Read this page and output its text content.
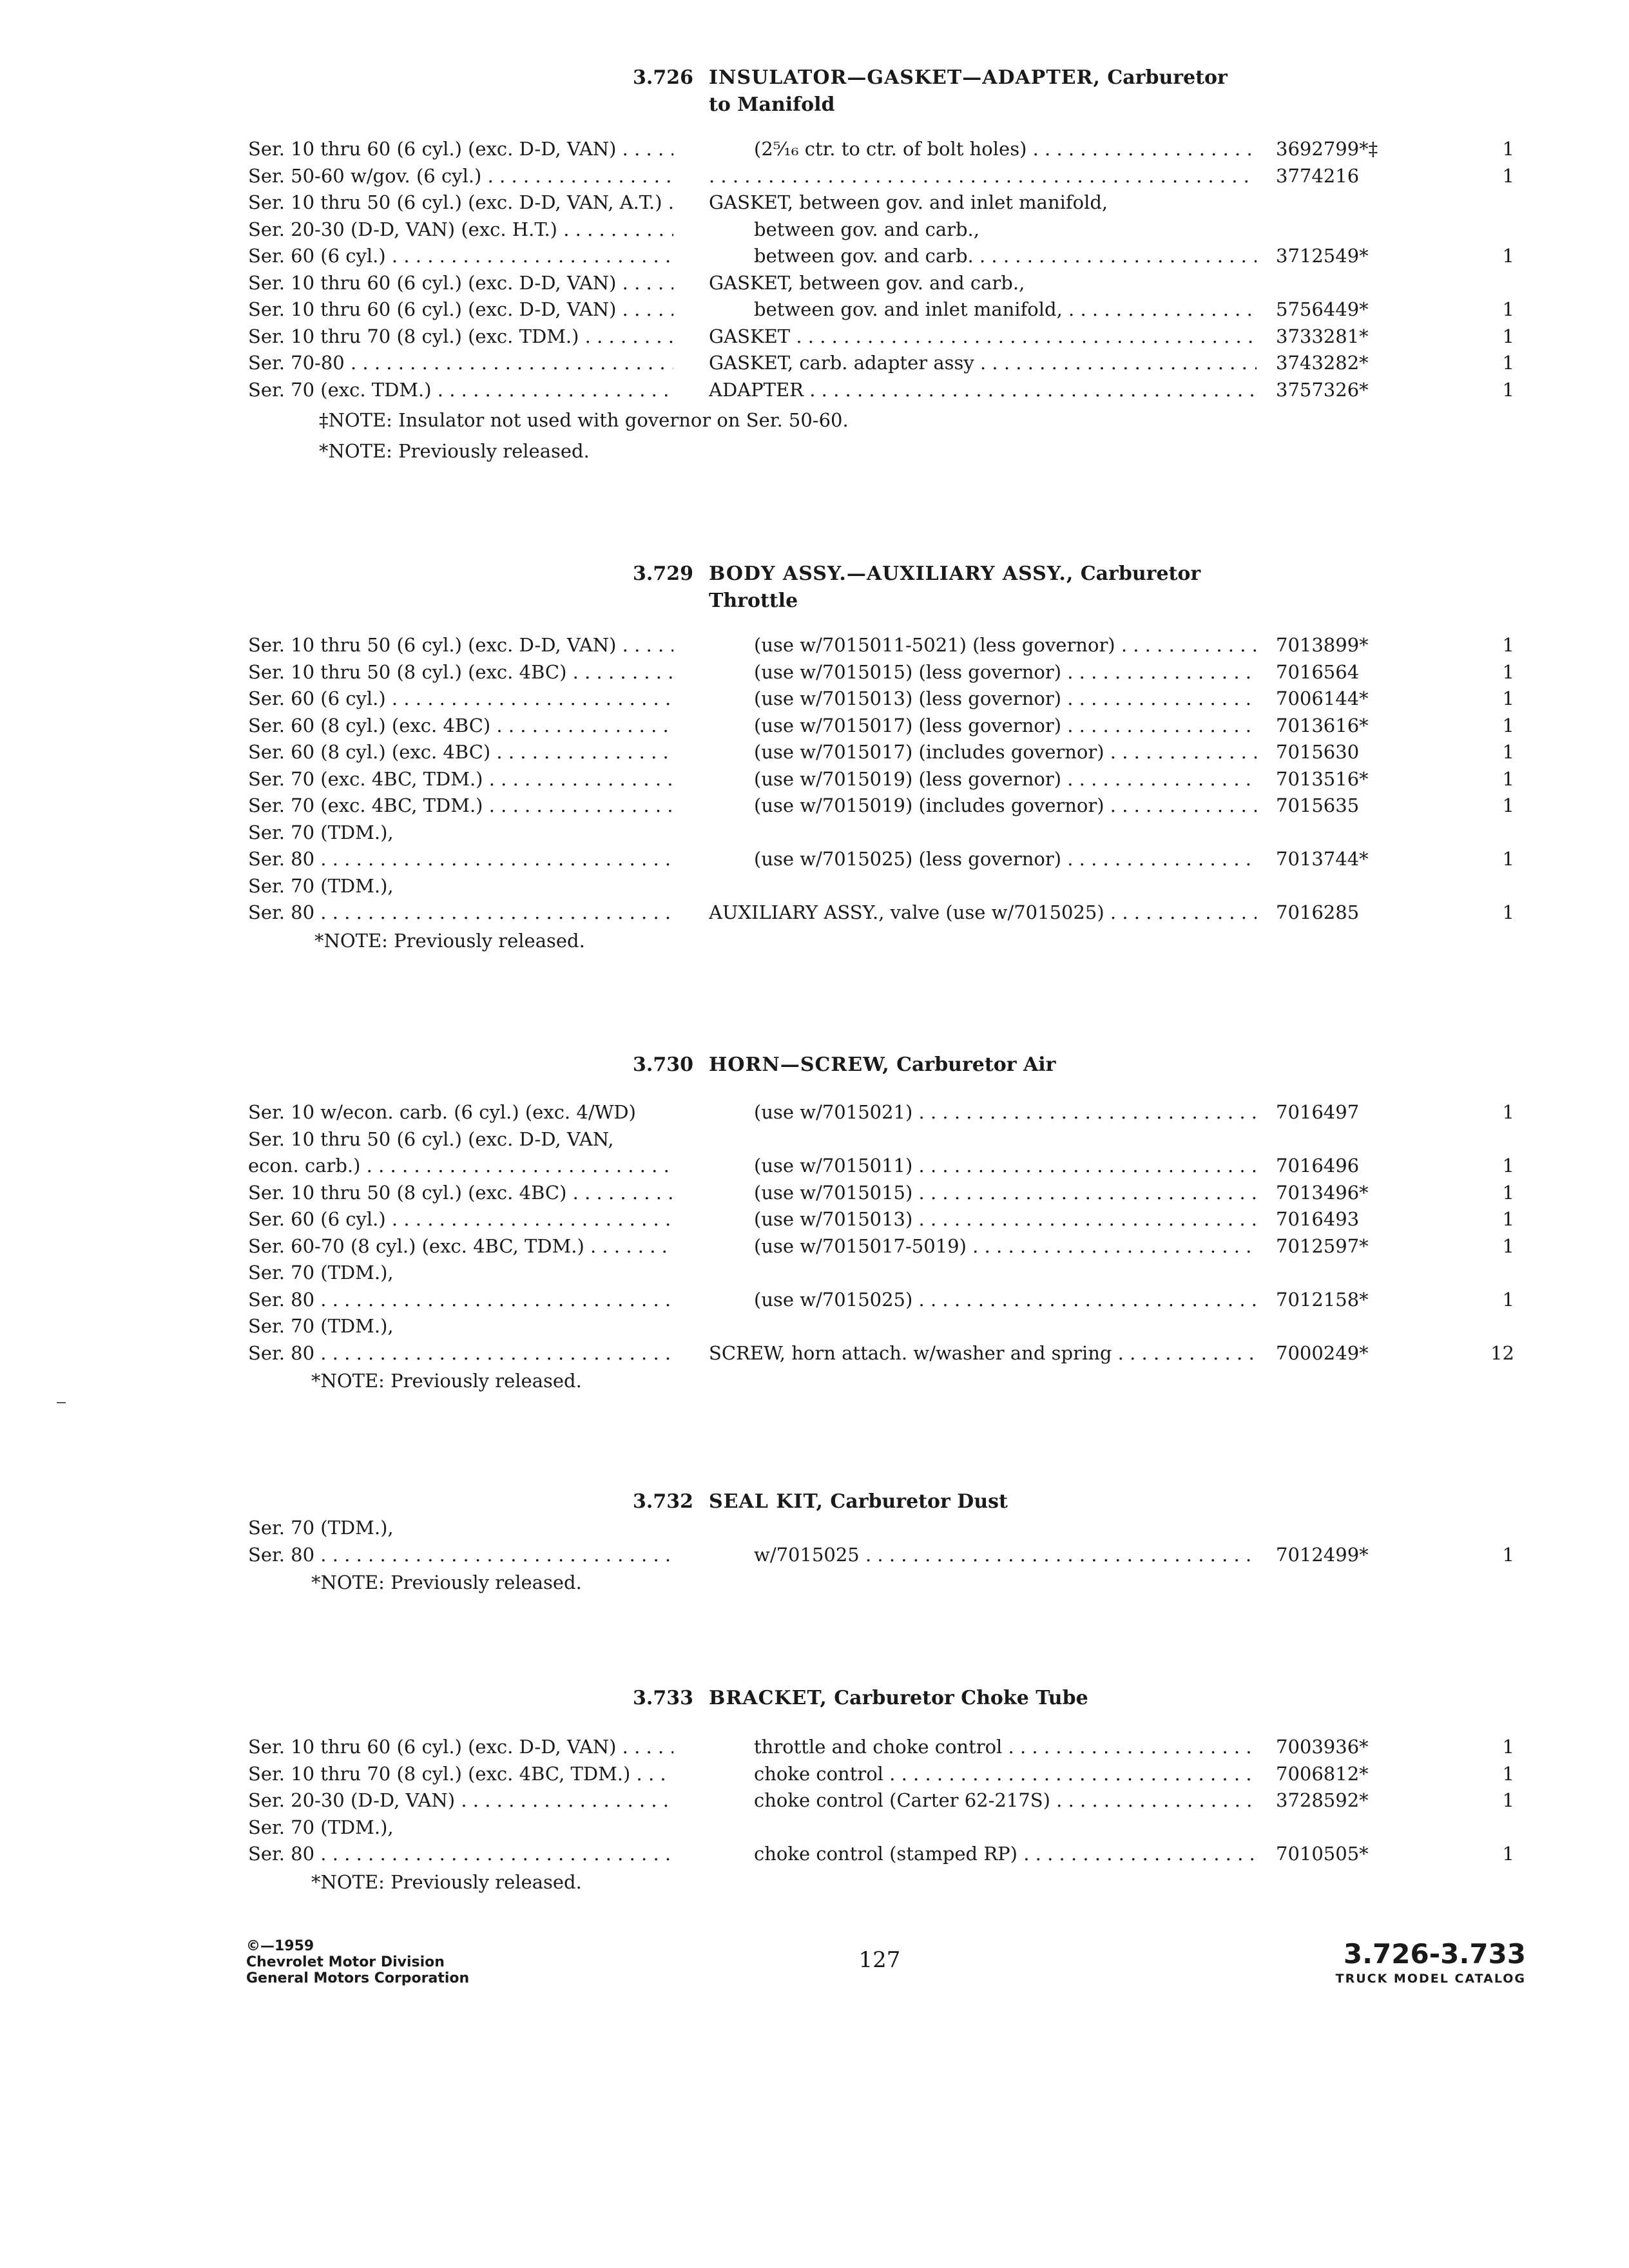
3.726 INSULATOR—GASKET—ADAPTER, Carburetor
to Manifold
Ser. 10 thru 60 (6 cyl.) (exc. D-D, VAN) . . .	(2⁵⁄₁₆ ctr. to ctr. of bolt holes) . . .	3692799*‡	1
Ser. 50-60 w/gov. (6 cyl.) . . .
. . .	3774216	1
Ser. 10 thru 50 (6 cyl.) (exc. D-D, VAN, A.T.) . . .	GASKET, between gov. and inlet manifold,
Ser. 20-30 (D-D, VAN) (exc. H.T.) . . .	between gov. and carb.,
Ser. 60 (6 cyl.) . . .	between gov. and carb. . . .	3712549*	1
Ser. 10 thru 60 (6 cyl.) (exc. D-D, VAN) . . .	GASKET, between gov. and carb.,
Ser. 10 thru 60 (6 cyl.) (exc. D-D, VAN) . . .	between gov. and inlet manifold, . . .	5756449*	1
Ser. 10 thru 70 (8 cyl.) (exc. TDM.) . . .	GASKET . . .	3733281*	1
Ser. 70-80 . . .	GASKET, carb. adapter assy . . .	3743282*	1
Ser. 70 (exc. TDM.) . . .	ADAPTER . . .	3757326*	1
‡NOTE: Insulator not used with governor on Ser. 50-60.
*NOTE: Previously released.
3.729 BODY ASSY.—AUXILIARY ASSY., Carburetor
Throttle
Ser. 10 thru 50 (6 cyl.) (exc. D-D, VAN) . . .	(use w/7015011-5021) (less governor) . . .	7013899*	1
Ser. 10 thru 50 (8 cyl.) (exc. 4BC) . . .	(use w/7015015) (less governor) . . .	7016564	1
Ser. 60 (6 cyl.) . . .	(use w/7015013) (less governor) . . .	7006144*	1
Ser. 60 (8 cyl.) (exc. 4BC) . . .	(use w/7015017) (less governor) . . .	7013616*	1
Ser. 60 (8 cyl.) (exc. 4BC) . . .	(use w/7015017) (includes governor) . . .	7015630	1
Ser. 70 (exc. 4BC, TDM.) . . .	(use w/7015019) (less governor) . . .	7013516*	1
Ser. 70 (exc. 4BC, TDM.) . . .	(use w/7015019) (includes governor) . . .	7015635	1
Ser. 70 (TDM.),
Ser. 80 . . .	(use w/7015025) (less governor) . . .	7013744*	1
Ser. 70 (TDM.),
Ser. 80 . . .	AUXILIARY ASSY., valve (use w/7015025) . . .	7016285	1
*NOTE: Previously released.
3.730 HORN—SCREW, Carburetor Air
Ser. 10 w/econ. carb. (6 cyl.) (exc. 4/WD)	(use w/7015021) . . .	7016497	1
Ser. 10 thru 50 (6 cyl.) (exc. D-D, VAN,
econ. carb.) . . .	(use w/7015011) . . .	7016496	1
Ser. 10 thru 50 (8 cyl.) (exc. 4BC) . . .	(use w/7015015) . . .	7013496*	1
Ser. 60 (6 cyl.) . . .	(use w/7015013) . . .	7016493	1
Ser. 60-70 (8 cyl.) (exc. 4BC, TDM.) . . .	(use w/7015017-5019) . . .	7012597*	1
Ser. 70 (TDM.),
Ser. 80 . . .	(use w/7015025) . . .	7012158*	1
Ser. 70 (TDM.),
Ser. 80 . . .	SCREW, horn attach. w/washer and spring . . .	7000249*	12
*NOTE: Previously released.
3.732 SEAL KIT, Carburetor Dust
Ser. 70 (TDM.),
Ser. 80 . . .	w/7015025 . . .	7012499*	1
*NOTE: Previously released.
3.733 BRACKET, Carburetor Choke Tube
Ser. 10 thru 60 (6 cyl.) (exc. D-D, VAN) . . .	throttle and choke control . . .	7003936*	1
Ser. 10 thru 70 (8 cyl.) (exc. 4BC, TDM.) . . .	choke control . . .	7006812*	1
Ser. 20-30 (D-D, VAN) . . .	choke control (Carter 62-217S) . . .	3728592*	1
Ser. 70 (TDM.),
Ser. 80 . . .	choke control (stamped RP) . . .	7010505*	1
*NOTE: Previously released.
©—1959
Chevrolet Motor Division
General Motors Corporation
127	3.726-3.733
TRUCK MODEL CATALOG
